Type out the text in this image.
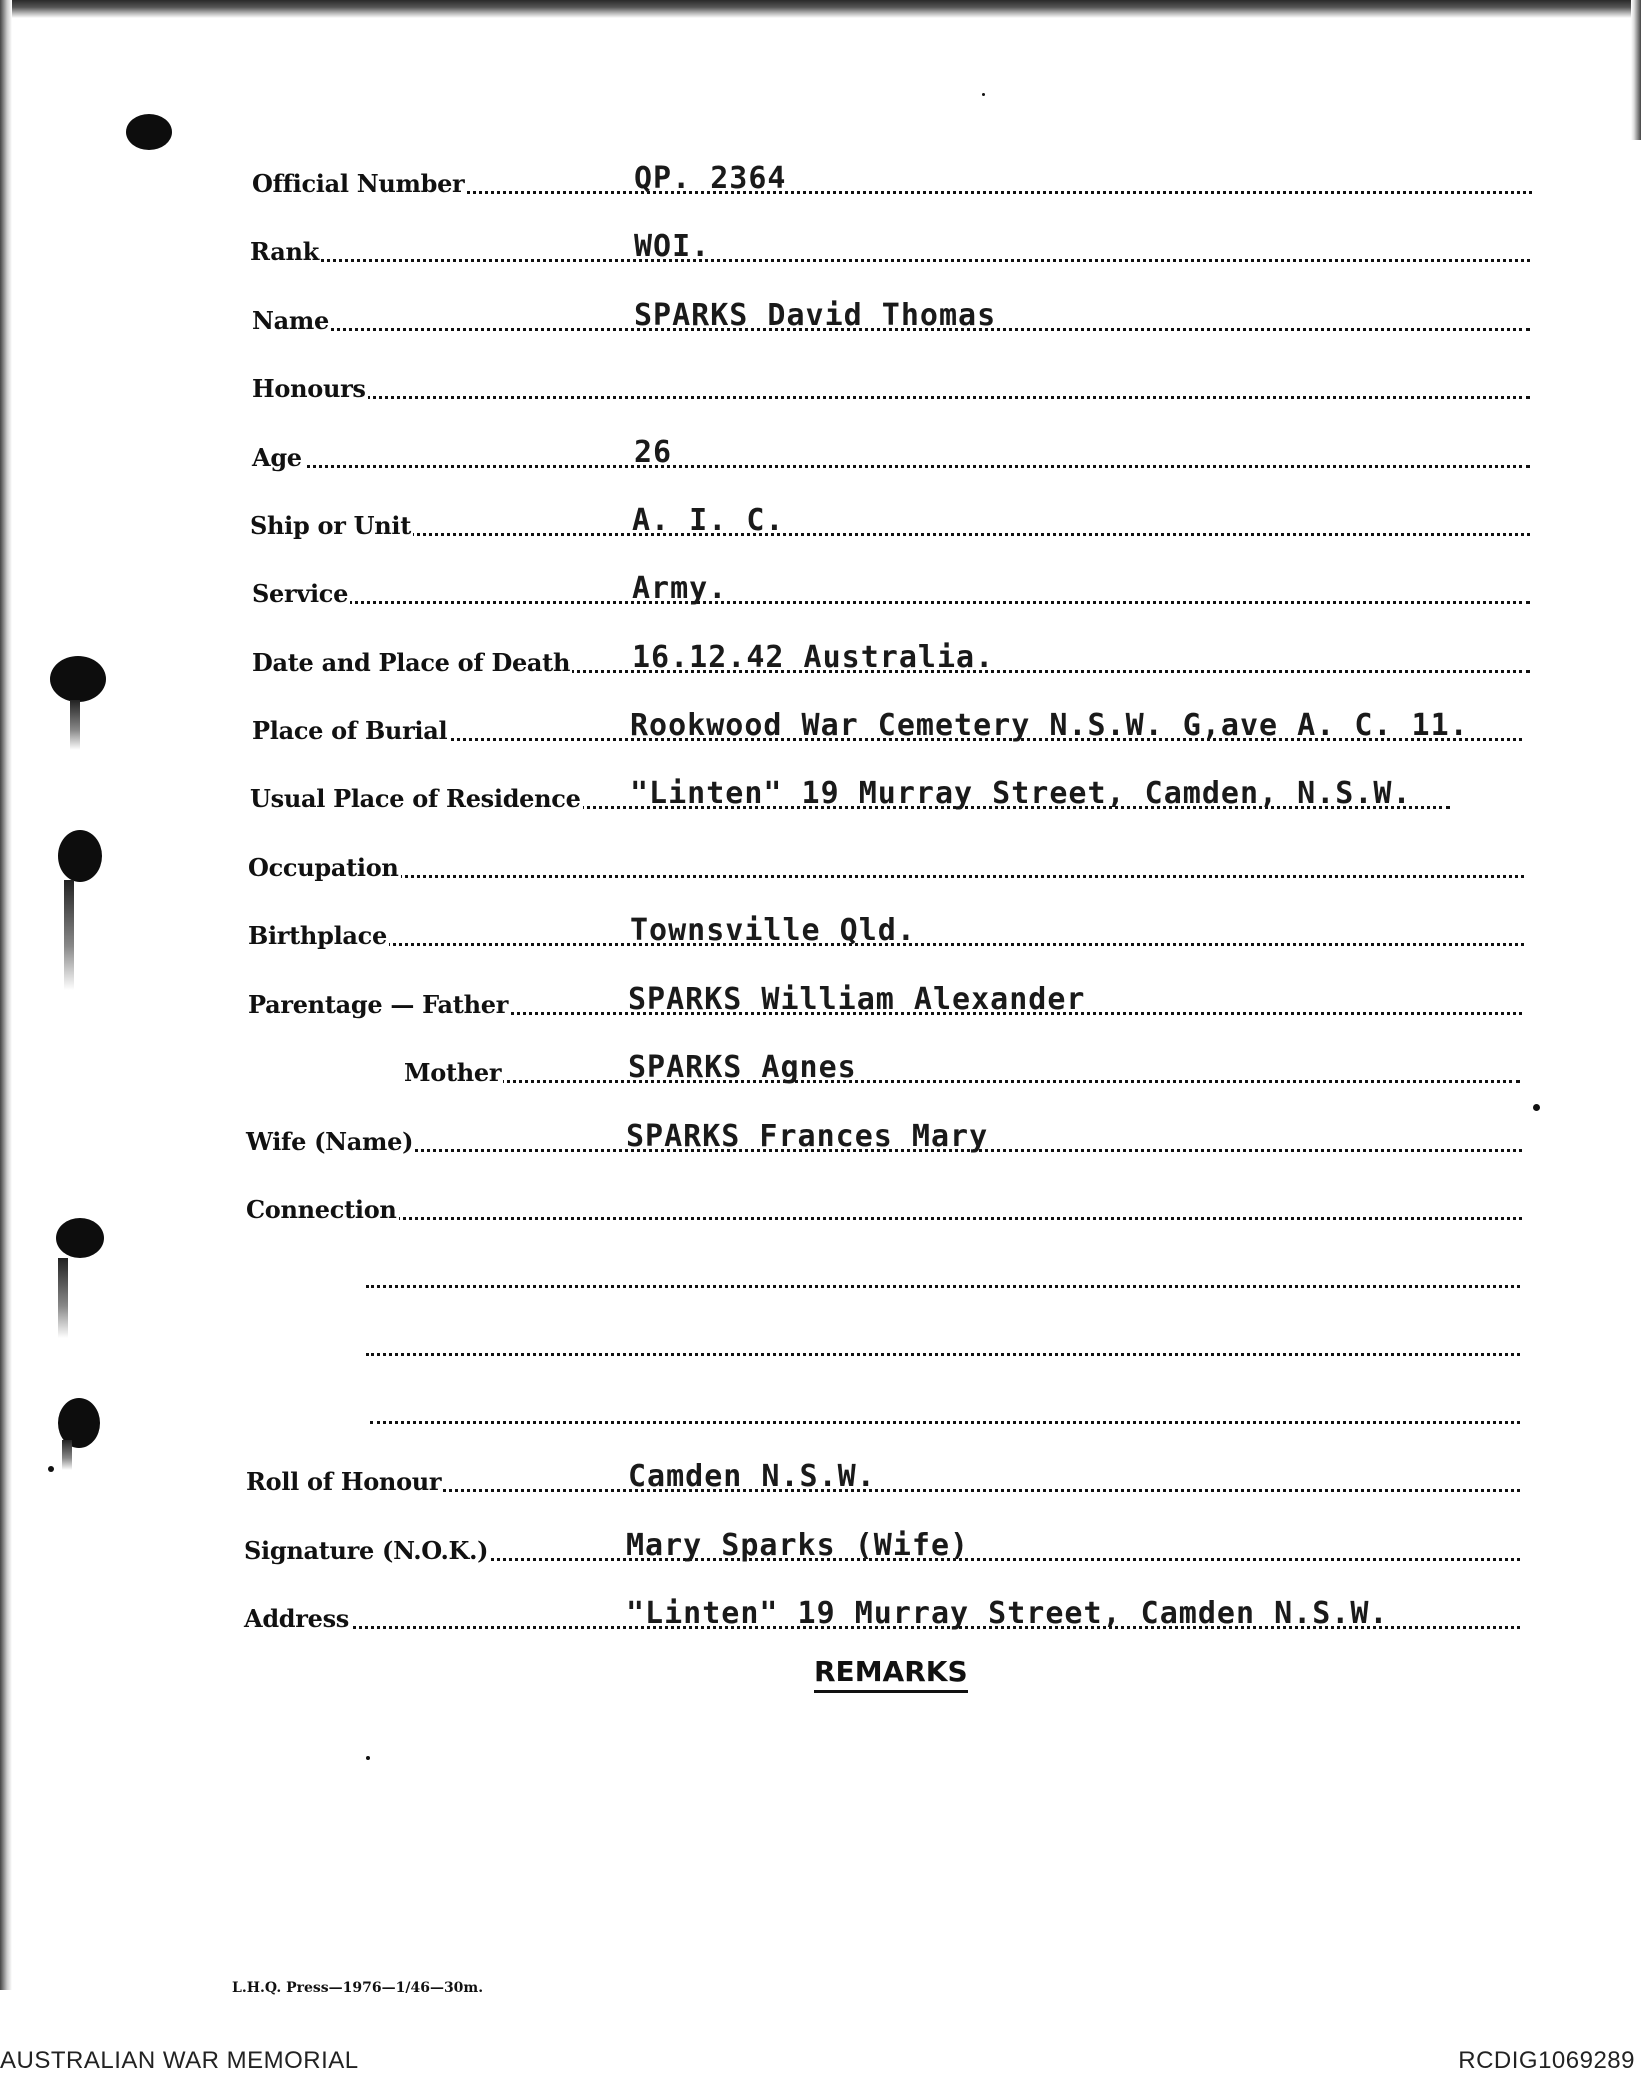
Official Number	QP. 2364
Rank	WOI.
Name	SPARKS David Thomas
Honours
Age	26
Ship or Unit	A. I. C.
Service	Army.
Date and Place of Death 16.12.42 Australia.
Place of Burial	Rookwood War Cemetery N.S.W. G,ave A. C. 11.
Usual Place of Residence "Linten" 19 Murray Street, Camden, N.S.W.
Occupation
Birthplace	Townsville Qld.
Parentage — Father	SPARKS William Alexander
Mother	SPARKS Agnes
Wife (Name)	SPARKS Frances Mary
Connection
Roll of Honour	Camden N.S.W.
Signature (N.O.K.)	Mary Sparks (Wife)
Address	"Linten" 19 Murray Street, Camden N.S.W.
REMARKS
L.H.Q. Press—1976—1/46—30m.
AUSTRALIAN WAR MEMORIAL	RCDIG1069289
